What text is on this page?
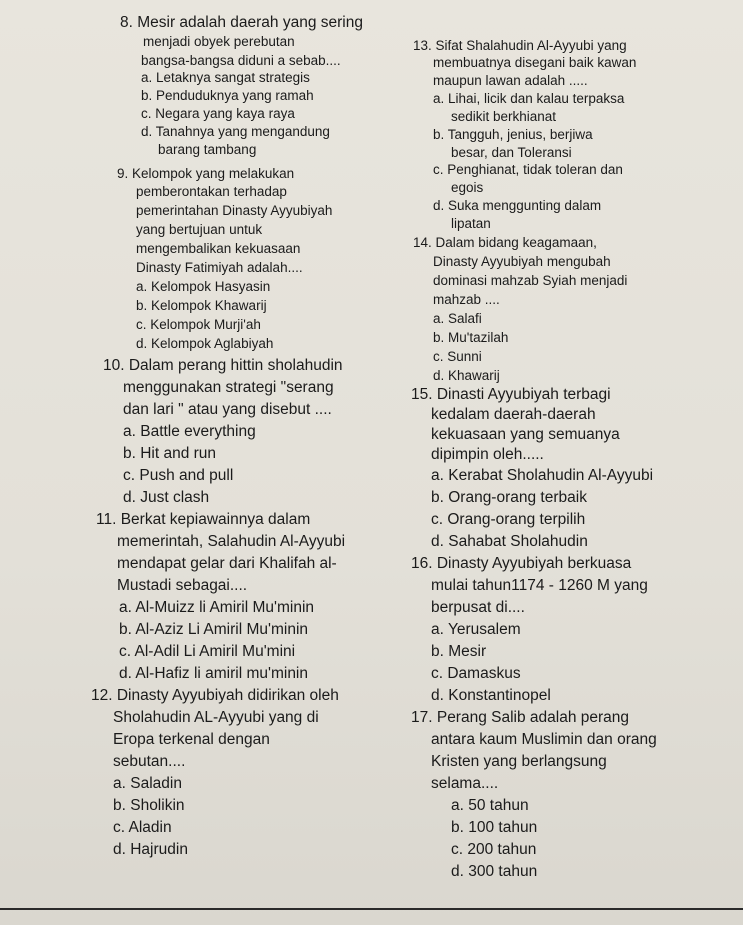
8. Mesir adalah daerah yang sering
menjadi obyek perebutan
bangsa-bangsa diduni a sebab....
a. Letaknya sangat strategis
b. Penduduknya yang ramah
c. Negara yang kaya raya
d. Tanahnya yang mengandung
barang tambang
9. Kelompok yang melakukan
pemberontakan terhadap
pemerintahan Dinasty Ayyubiyah
yang bertujuan untuk
mengembalikan kekuasaan
Dinasty Fatimiyah adalah....
a. Kelompok Hasyasin
b. Kelompok Khawarij
c. Kelompok Murji'ah
d. Kelompok Aglabiyah
10. Dalam perang hittin sholahudin
menggunakan strategi "serang
dan lari " atau yang disebut ....
a. Battle everything
b. Hit and run
c. Push and pull
d. Just clash
11. Berkat kepiawainnya dalam
memerintah, Salahudin Al-Ayyubi
mendapat gelar dari Khalifah al-
Mustadi sebagai....
a. Al-Muizz li Amiril Mu'minin
b. Al-Aziz Li Amiril Mu'minin
c. Al-Adil Li Amiril Mu'mini
d. Al-Hafiz li amiril mu'minin
12. Dinasty Ayyubiyah didirikan oleh
Sholahudin AL-Ayyubi yang di
Eropa terkenal dengan
sebutan....
a. Saladin
b. Sholikin
c. Aladin
d. Hajrudin
13. Sifat Shalahudin Al-Ayyubi yang
membuatnya disegani baik kawan
maupun lawan adalah .....
a. Lihai, licik dan kalau terpaksa
sedikit berkhianat
b. Tangguh, jenius, berjiwa
besar, dan Toleransi
c. Penghianat, tidak toleran dan
egois
d. Suka menggunting dalam
lipatan
14. Dalam bidang keagamaan,
Dinasty Ayyubiyah mengubah
dominasi mahzab Syiah menjadi
mahzab ....
a. Salafi
b. Mu'tazilah
c. Sunni
d. Khawarij
15. Dinasti Ayyubiyah terbagi
kedalam daerah-daerah
kekuasaan yang semuanya
dipimpin oleh.....
a. Kerabat Sholahudin Al-Ayyubi
b. Orang-orang terbaik
c. Orang-orang terpilih
d. Sahabat Sholahudin
16. Dinasty Ayyubiyah berkuasa
mulai tahun1174 - 1260 M yang
berpusat di....
a. Yerusalem
b. Mesir
c. Damaskus
d. Konstantinopel
17. Perang Salib adalah perang
antara kaum Muslimin dan orang
Kristen yang berlangsung
selama....
a. 50 tahun
b. 100 tahun
c. 200 tahun
d. 300 tahun
